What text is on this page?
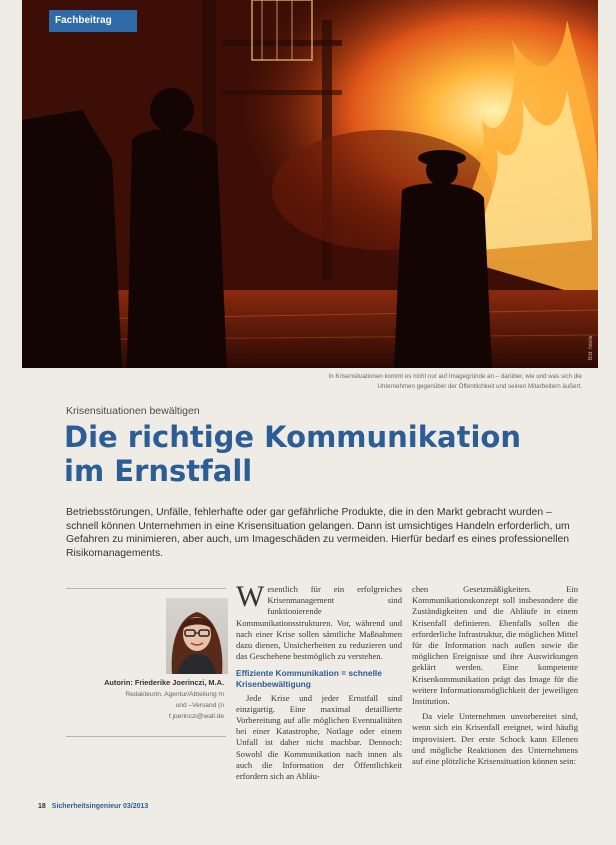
Fachbeitrag
Bild: fotolia
In Krisensituationen kommt es nicht nur auf Imagegründe an – darüber, wie und was sich die
Unternehmen gegenüber der Öffentlichkeit und seinen Mitarbeitern äußert.
Krisensituationen bewältigen
Die richtige Kommunikation
im Ernstfall

Betriebsstörungen, Unfälle, fehlerhafte oder gar gefährliche Produkte, die in den Markt gebracht wurden – schnell können Unternehmen in eine Krisensituation gelangen. Dann ist umsichtiges Handeln erforderlich, um Gefahren zu minimieren, aber auch, um Imageschäden zu vermeiden. Hierfür bedarf es eines professionellen Risikomanagements.

Autorin: Friederike Joerinczi, M.A.
Redakteurin, Agentur/Abteilung m
und –Versand (n
f.joerinczi@wall.de

Wesentlich für ein erfolgreiches Krisenmanagement sind funktionierende Kommunikationsstrukturen. Vor, während und nach einer Krise sollen sämtliche Maßnahmen dazu dienen, Unsicherheiten zu reduzieren und das Geschehene bestmöglich zu verstehen.

Effiziente Kommunikation = schnelle Krisenbewältigung

Jede Krise und jeder Ernstfall sind einzigartig. Eine maximal detaillierte Vorbereitung auf alle möglichen Eventualitäten bei einer Katastrophe, Notlage oder einem Unfall ist daher nicht machbar. Dennoch: Sowohl die Kommunikation nach innen als auch die Information der Öffentlichkeit erfordern sich an Abläu-

chen Gesetzmäßigkeiten. Ein Kommunikationskonzept soll insbesondere die Zuständigkeiten und die Abläufe in einem Krisenfall definieren. Ebenfalls sollen die erforderliche Infrastruktur, die möglichen Mittel für die Information nach außen sowie die möglichen Ereignisse und ihre Auswirkungen geklärt werden. Eine kompetente Krisenkommunikation prägt das Image für die weitere Informationsmöglichkeit der jeweiligen Institution.

Da viele Unternehmen unvorbereitet sind, wenn sich ein Krisenfall ereignet, wird häufig improvisiert. Der erste Schock kann Ellenen und mögliche Reaktionen des Unternehmens auf eine plötzliche Krisensituation können sein:

18 Sicherheitsingenieur 03/2013
